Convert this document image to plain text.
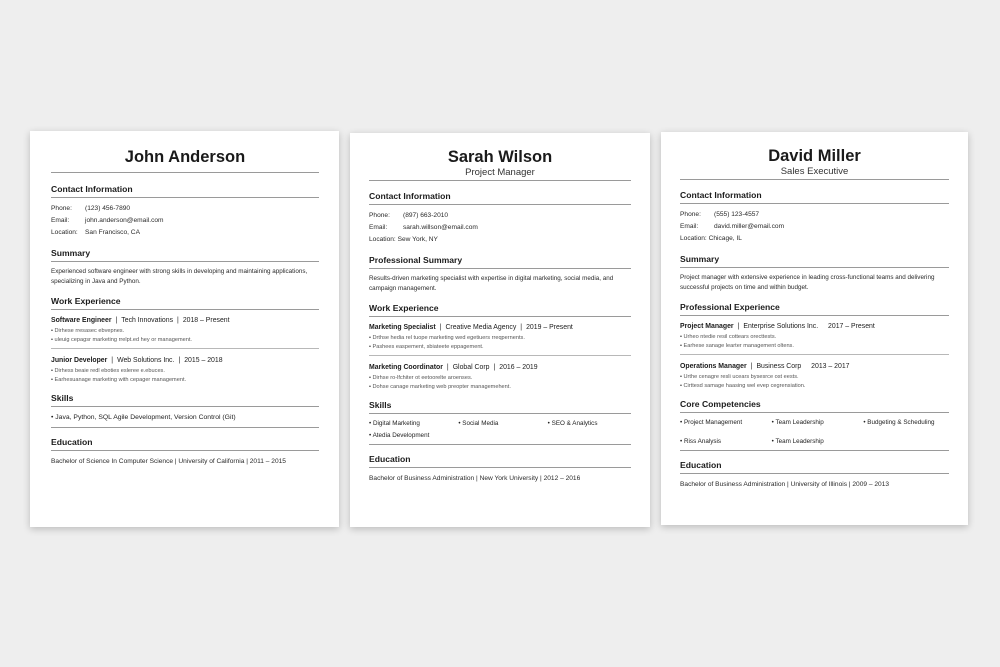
John Anderson
Contact Information
Phone: (123) 456-7890
Email: john.anderson@email.com
Location: San Francisco, CA
Summary
Experienced software engineer with strong skills in developing and maintaining applications, specializing in Java and Python.
Work Experience
Software Engineer | Tech Innovations | 2018 – Present
• Dirhese rresasec ebvepnes.
• uleuig cepagsr marketing rrelpt.ed hey or management.
Junior Developer | Web Solutions Inc. | 2015 – 2018
• Dirhess beaie redl eboties esleree e.ebuces.
• Earhesuanage marketing with cepager management.
Skills
• Java, Python, SQL Agile Development, Version Control (Git)
Education
Bachelor of Science In Computer Science | University of California | 2011 – 2015
Sarah Wilson
Project Manager
Contact Information
Phone: (897) 663-2010
Email: sarah.willson@email.com
Location: Sew York, NY
Professional Summary
Results-driven marketing specialist with expertise in digital marketing, social media, and campaign management.
Work Experience
Marketing Specialist | Creative Media Agency | 2019 – Present
• Drthse hedia rel tuope marketing wed egetiuers rreqpernents.
• Pashees easpement, sbiateete eppagement.
Marketing Coordinator | Global Corp | 2016 – 2019
• Dirhse ro-lfchiter ot eetoorelte aroenses.
• Dohse canage marketing web preopter managemehent.
Skills
• Digital Marketing	• Social Media	• SEO & Analytics
• Atedia Development
Education
Bachelor of Business Administration | New York University | 2012 – 2016
David Miller
Sales Executive
Contact Information
Phone: (555) 123-4557
Email: david.miller@email.com
Location: Chicage, IL
Summary
Project manager with extensive experience in leading cross-functional teams and delivering successful projects on time and within budget.
Professional Experience
Project Manager | Enterprise Solutions Inc. 2017 – Present
• Urheo ntedie resil cottears orecttests.
• Earhese sanage learter management oltens.
Operations Manager | Business Corp 2013 – 2017
• Urthe cenagre resli ucears bysesrce ost eests.
• Cirttesd samage haasing wel evep cegrensiation.
Core Competencies
• Project Management	• Team Leadership	• Budgeting & Scheduling
• Riss Analysis	• Team Leadership
Education
Bachelor of Business Administration | University of Illinois | 2009 – 2013
